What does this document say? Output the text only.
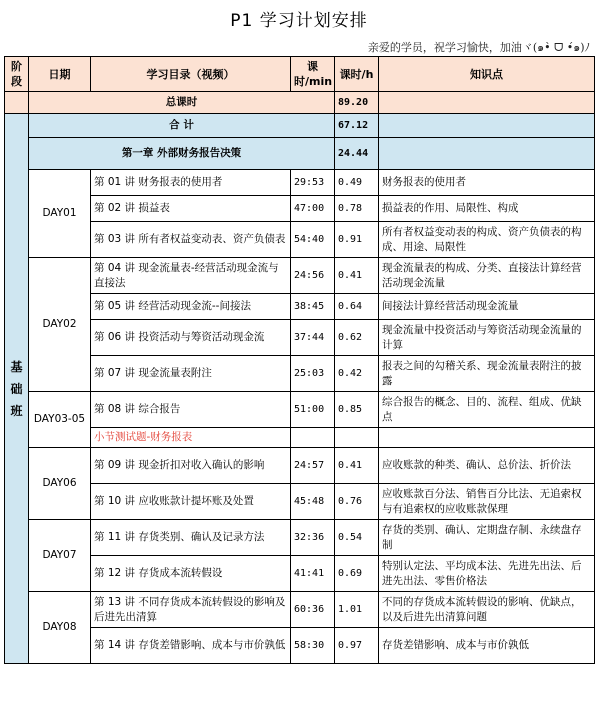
P1 学习计划安排
亲爱的学员，祝学习愉快，加油ヾ(๑•̀ ᗜ •́๑)ﾉ
阶段	日期	学习目录（视频）	课时/min	课时/h	知识点
	总课时			89.20	
基础班	合 计			67.12	
	第一章 外部财务报告决策			24.44	
	DAY01	第 01 讲 财务报表的使用者	29:53	0.49	财务报表的使用者
		第 02 讲 损益表	47:00	0.78	损益表的作用、局限性、构成
		第 03 讲 所有者权益变动表、资产负债表	54:40	0.91	所有者权益变动表的构成、资产负债表的构成、用途、局限性
	DAY02	第 04 讲 现金流量表-经营活动现金流与直接法	24:56	0.41	现金流量表的构成、分类、直接法计算经营活动现金流量
		第 05 讲 经营活动现金流--间接法	38:45	0.64	间接法计算经营活动现金流量
		第 06 讲 投资活动与筹资活动现金流	37:44	0.62	现金流量中投资活动与筹资活动现金流量的计算
		第 07 讲 现金流量表附注	25:03	0.42	报表之间的勾稽关系、现金流量表附注的披露
	DAY03-05	第 08 讲 综合报告	51:00	0.85	综合报告的概念、目的、流程、组成、优缺点
		小节测试题-财务报表			
	DAY06	第 09 讲 现金折扣对收入确认的影响	24:57	0.41	应收账款的种类、确认、总价法、折价法
		第 10 讲 应收账款计提坏账及处置	45:48	0.76	应收账款百分法、销售百分比法、无追索权与有追索权的应收账款保理
	DAY07	第 11 讲 存货类别、确认及记录方法	32:36	0.54	存货的类别、确认、定期盘存制、永续盘存制
		第 12 讲 存货成本流转假设	41:41	0.69	特别认定法、平均成本法、先进先出法、后进先出法、零售价格法
	DAY08	第 13 讲 不同存货成本流转假设的影响及后进先出清算	60:36	1.01	不同的存货成本流转假设的影响、优缺点，以及后进先出清算问题
		第 14 讲 存货差错影响、成本与市价孰低	58:30	0.97	存货差错影响、成本与市价孰低
